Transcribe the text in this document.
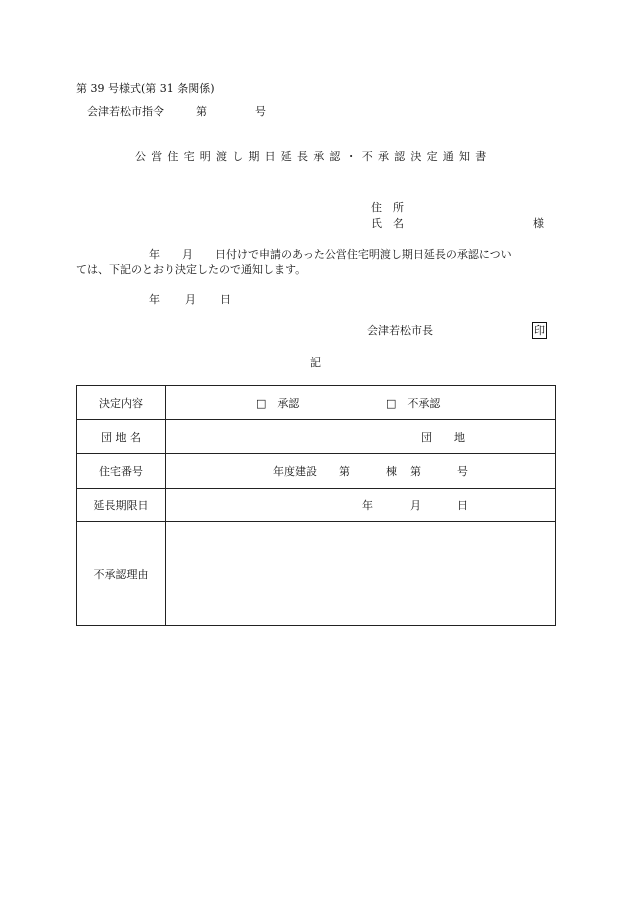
第 39 号様式(第 31 条関係)
会津若松市指令	第	号
公営住宅明渡し期日延長承認・不承認決定通知書
住　所
氏　名	様
年　　月　　日付けで申請のあった公営住宅明渡し期日延長の承認につい
ては、下記のとおり決定したので通知します。
年 月 日
会津若松市長	印
記
決定内容	□　承認 □　不承認

団 地 名	団　　地

住宅番号	年度建設 第 棟 第 号

延長期限日	年 月 日

不承認理由	
